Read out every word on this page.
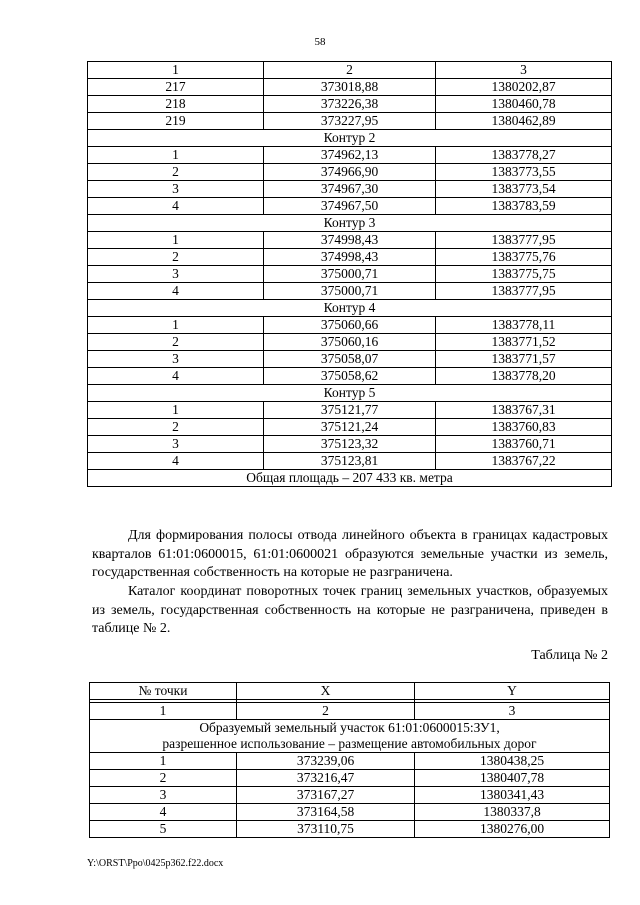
58
1	2	3
217	373018,88	1380202,87
218	373226,38	1380460,78
219	373227,95	1380462,89
Контур 2		
1	374962,13	1383778,27
2	374966,90	1383773,55
3	374967,30	1383773,54
4	374967,50	1383783,59
Контур 3		
1	374998,43	1383777,95
2	374998,43	1383775,76
3	375000,71	1383775,75
4	375000,71	1383777,95
Контур 4		
1	375060,66	1383778,11
2	375060,16	1383771,52
3	375058,07	1383771,57
4	375058,62	1383778,20
Контур 5		
1	375121,77	1383767,31
2	375121,24	1383760,83
3	375123,32	1383760,71
4	375123,81	1383767,22
Общая площадь – 207 433 кв. метра		

Для формирования полосы отвода линейного объекта в границах кадастровых кварталов 61:01:0600015, 61:01:0600021 образуются земельные участки из земель, государственная собственность на которые не разграничена.

Каталог координат поворотных точек границ земельных участков, образуемых из земель, государственная собственность на которые не разграничена, приведен в таблице № 2.

Таблица № 2
№ точки	X	Y

1	2	3

Образуемый земельный участок 61:01:0600015:ЗУ1,
разрешенное использование – размещение автомобильных дорог		

1	373239,06	1380438,25
2	373216,47	1380407,78
3	373167,27	1380341,43
4	373164,58	1380337,8
5	373110,75	1380276,00
Y:\ORST\Ppo\0425p362.f22.docx
